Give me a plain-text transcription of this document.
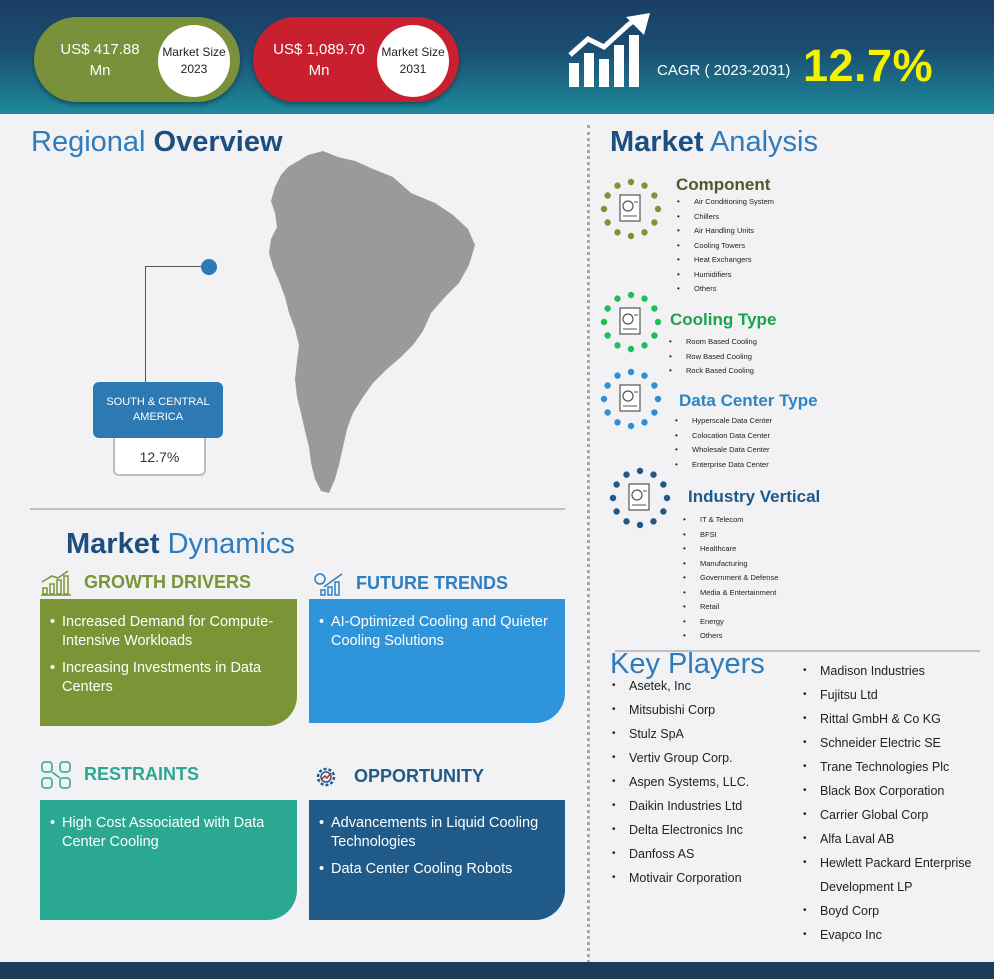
US$ 417.88 Mn
Market Size 2023
US$ 1,089.70 Mn
Market Size 2031	CAGR ( 2023-2031) 12.7%
Regional Overview
SOUTH & CENTRAL AMERICA
12.7%
Market Dynamics
GROWTH DRIVERS
• Increased Demand for Compute-Intensive Workloads
• Increasing Investments in Data Centers
FUTURE TRENDS
• AI-Optimized Cooling and Quieter Cooling Solutions
RESTRAINTS
• High Cost Associated with Data Center Cooling
OPPORTUNITY
• Advancements in Liquid Cooling Technologies
• Data Center Cooling Robots
Market Analysis
Component
• Air Conditioning System
• Chillers
• Air Handling Units
• Cooling Towers
• Heat Exchangers
• Humidifiers
• Others
Cooling Type
• Room Based Cooling
• Row Based Cooling
• Rock Based Cooling
Data Center Type
• Hyperscale Data Center
• Colocation Data Center
• Wholesale Data Center
• Enterprise Data Center
Industry Vertical
• IT & Telecom
• BFSI
• Healthcare
• Manufacturing
• Government & Defense
• Media & Entertainment
• Retail
• Energy
• Others
Key Players
• Asetek, Inc
• Mitsubishi Corp
• Stulz SpA
• Vertiv Group Corp.
• Aspen Systems, LLC.
• Daikin Industries Ltd
• Delta Electronics Inc
• Danfoss AS
• Motivair Corporation
• Madison Industries
• Fujitsu Ltd
• Rittal GmbH & Co KG
• Schneider Electric SE
• Trane Technologies Plc
• Black Box Corporation
• Carrier Global Corp
• Alfa Laval AB
• Hewlett Packard Enterprise Development LP
• Boyd Corp
• Evapco Inc
